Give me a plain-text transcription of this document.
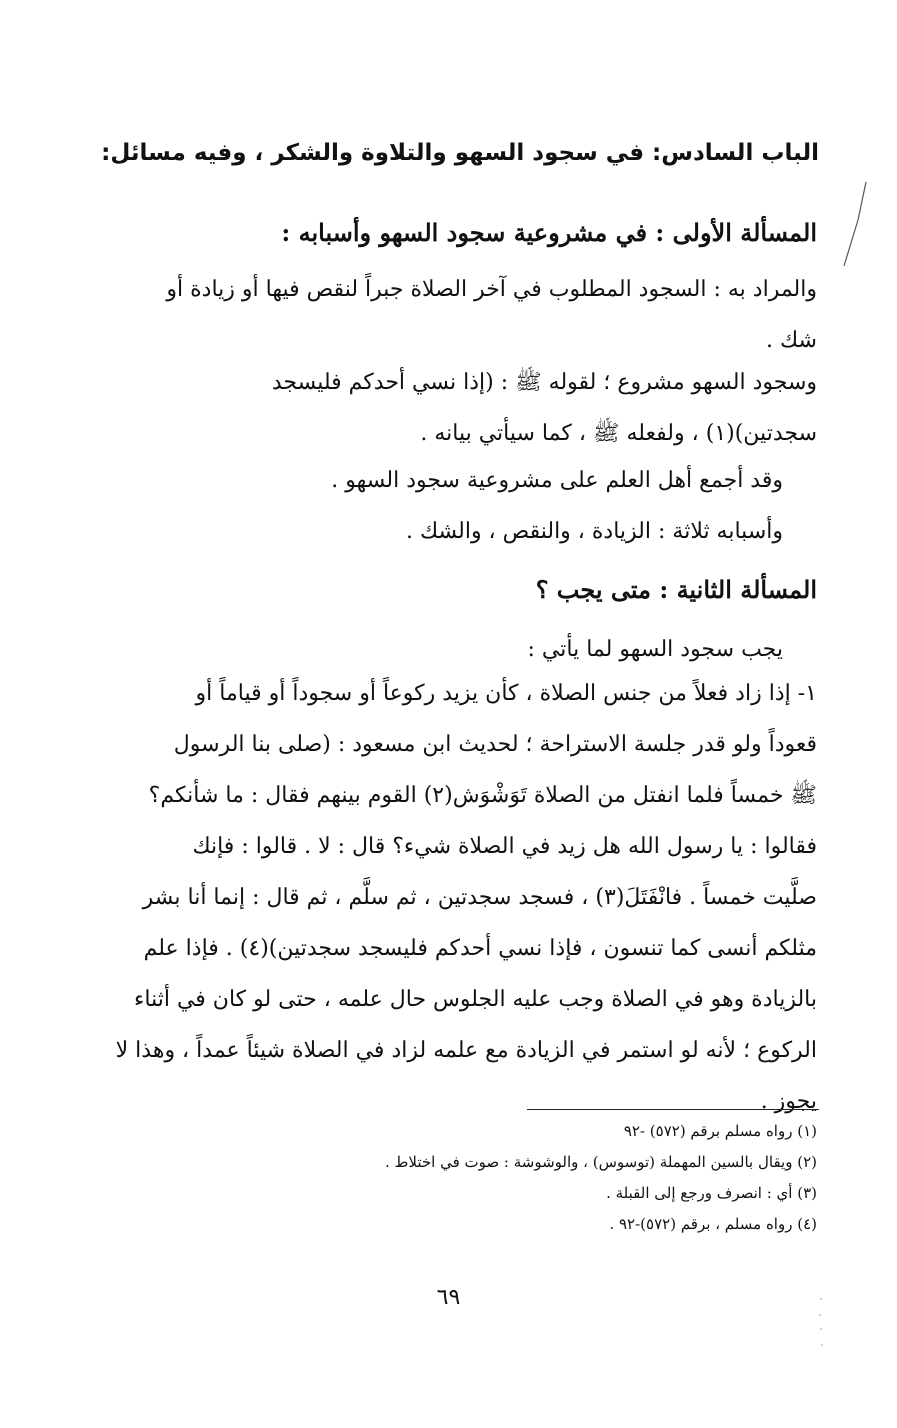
الباب السادس: في سجود السهو والتلاوة والشكر ، وفيه مسائل:
المسألة الأولى : في مشروعية سجود السهو وأسبابه :
والمراد به : السجود المطلوب في آخر الصلاة جبراً لنقص فيها أو زيادة أو
شك .
وسجود السهو مشروع ؛ لقوله ﷺ : (إذا نسي أحدكم فليسجد
سجدتين)(١) ، ولفعله ﷺ ، كما سيأتي بيانه .
وقد أجمع أهل العلم على مشروعية سجود السهو .
وأسبابه ثلاثة : الزيادة ، والنقص ، والشك .
المسألة الثانية : متى يجب ؟
يجب سجود السهو لما يأتي :
١- إذا زاد فعلاً من جنس الصلاة ، كأن يزيد ركوعاً أو سجوداً أو قياماً أو
قعوداً ولو قدر جلسة الاستراحة ؛ لحديث ابن مسعود : (صلى بنا الرسول
ﷺ خمساً فلما انفتل من الصلاة تَوَشْوَش(٢) القوم بينهم فقال : ما شأنكم؟
فقالوا : يا رسول الله هل زيد في الصلاة شيء؟ قال : لا . قالوا : فإنك
صلَّيت خمساً . فانْفَتَلَ(٣) ، فسجد سجدتين ، ثم سلَّم ، ثم قال : إنما أنا بشر
مثلكم أنسى كما تنسون ، فإذا نسي أحدكم فليسجد سجدتين)(٤) . فإذا علم
بالزيادة وهو في الصلاة وجب عليه الجلوس حال علمه ، حتى لو كان في أثناء
الركوع ؛ لأنه لو استمر في الزيادة مع علمه لزاد في الصلاة شيئاً عمداً ، وهذا لا
يجوز .
(١) رواه مسلم برقم (٥٧٢) -٩٢
(٢) ويقال بالسين المهملة (توسوس) ، والوشوشة : صوت في اختلاط .
(٣) أي : انصرف ورجع إلى القبلة .
(٤) رواه مسلم ، برقم (٥٧٢)-٩٢ .
٦٩
